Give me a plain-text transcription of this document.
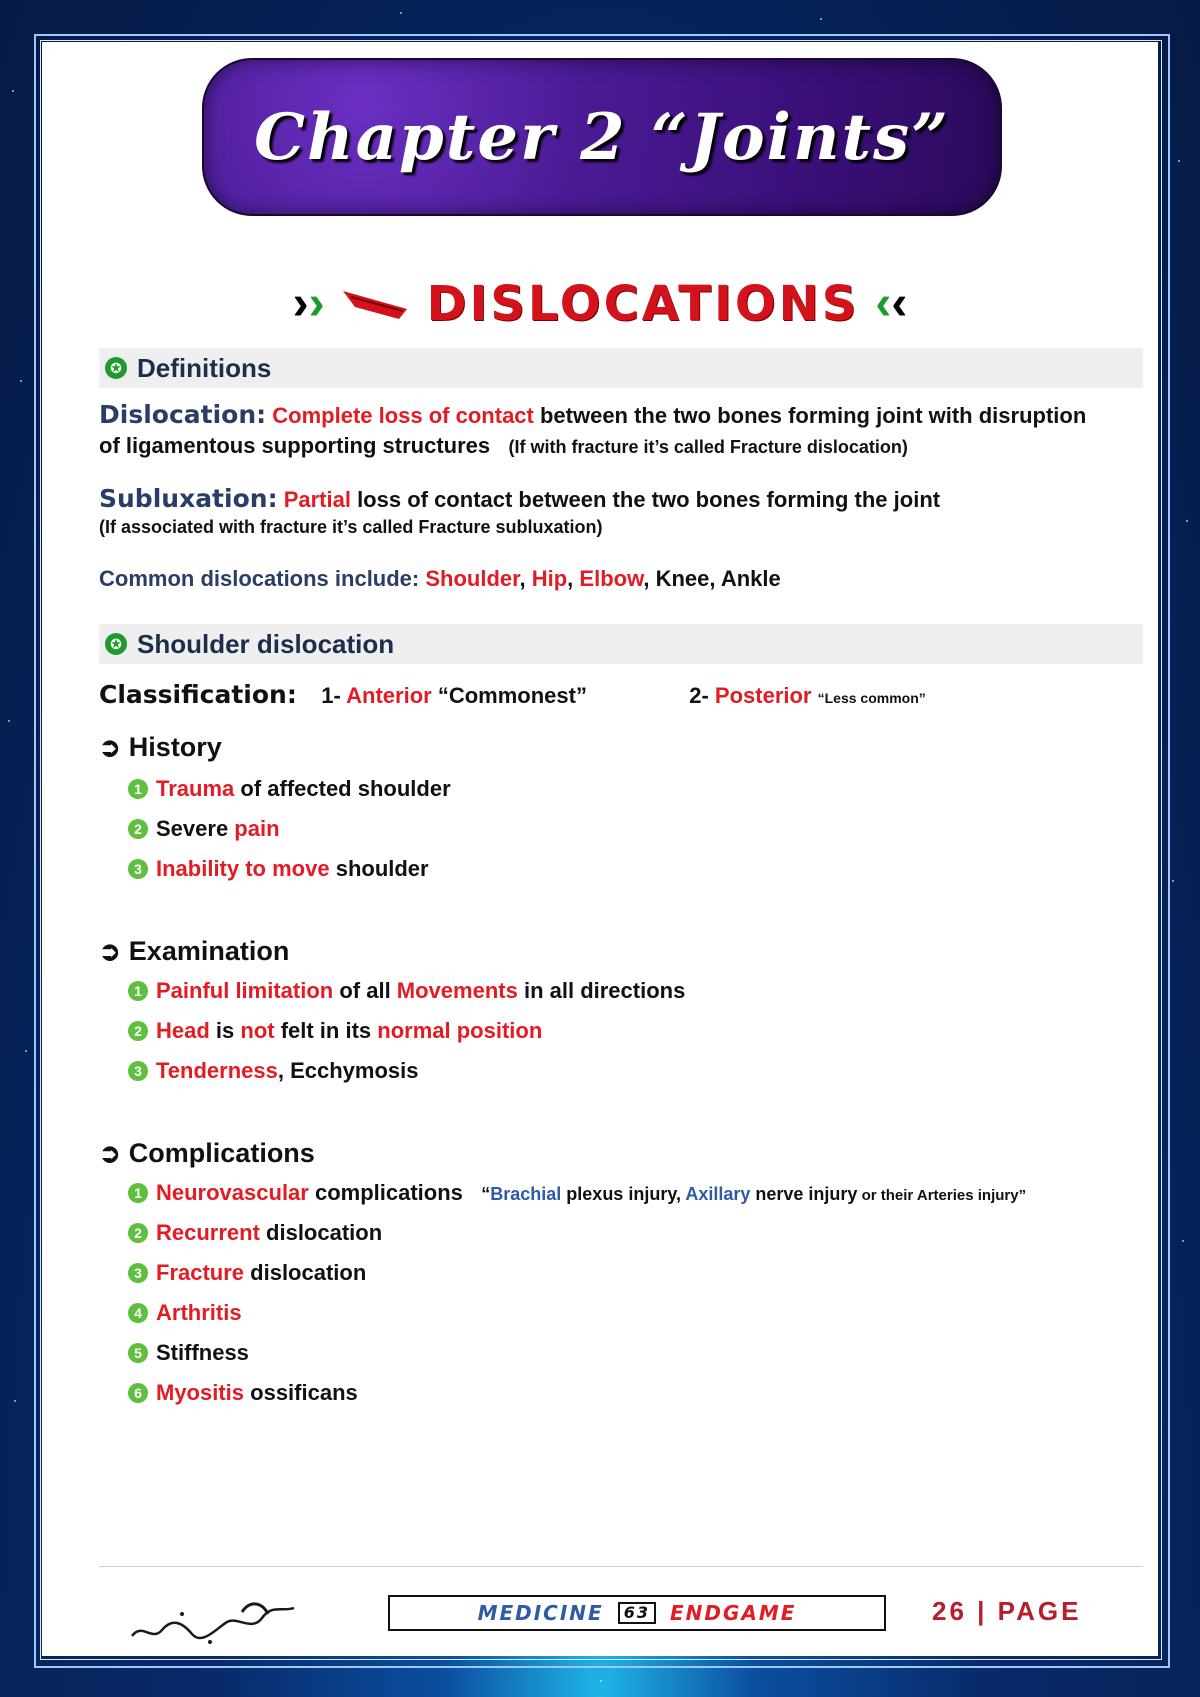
Chapter 2 “Joints”
›› DISLOCATIONS ‹‹
✪ Definitions
Dislocation: Complete loss of contact between the two bones forming joint with disruption
of ligamentous supporting structures (If with fracture it’s called Fracture dislocation)
Subluxation: Partial loss of contact between the two bones forming the joint
(If associated with fracture it’s called Fracture subluxation)
Common dislocations include: Shoulder, Hip, Elbow, Knee, Ankle
✪ Shoulder dislocation
Classification: 1- Anterior “Commonest”	2- Posterior “Less common”
➲ History
1 Trauma of affected shoulder
2 Severe pain
3 Inability to move shoulder
➲ Examination
1 Painful limitation of all Movements in all directions
2 Head is not felt in its normal position
3 Tenderness, Ecchymosis
➲ Complications
1 Neurovascular complications “Brachial plexus injury, Axillary nerve injury or their Arteries injury”
2 Recurrent dislocation
3 Fracture dislocation
4 Arthritis
5 Stiffness
6 Myositis ossificans
MEDICINE	63	ENDGAME	26 | PAGE
